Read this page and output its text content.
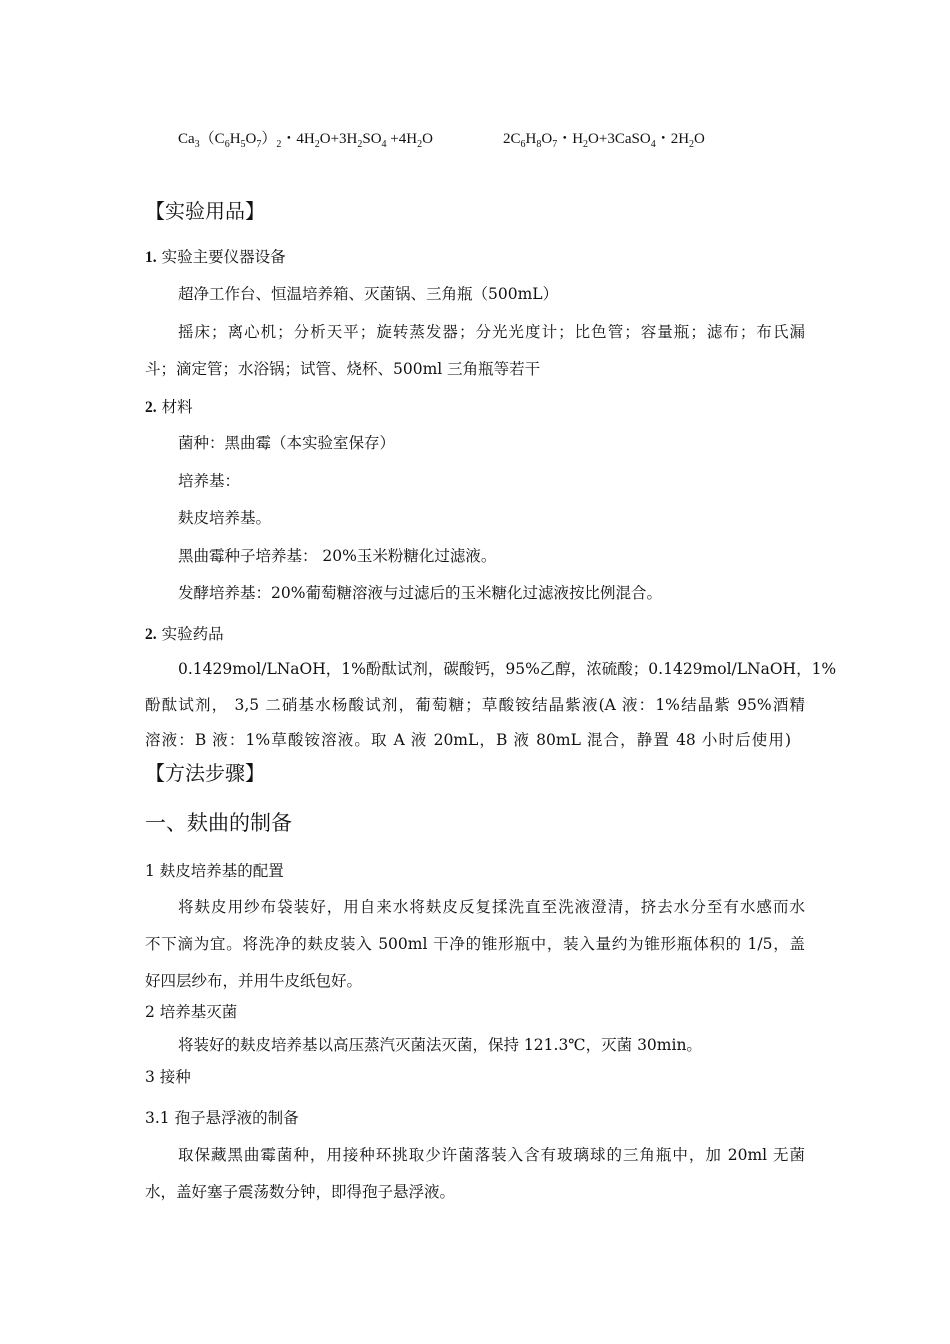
$Ca_3(C_6H_5O_7)_2$・$4H_2O+3H_2SO_4 +4H_2O$	$2C_6H_8O_7$・$H_2O+3CaSO_4$・$2H_2O$
【实验用品】
1. 实验主要仪器设备
超净工作台、恒温培养箱、灭菌锅、三角瓶（500mL）
摇床；离心机；分析天平；旋转蒸发器；分光光度计；比色管；容量瓶；滤布；布氏漏
斗；滴定管；水浴锅；试管、烧杯、500ml 三角瓶等若干
2. 材料
菌种：黑曲霉（本实验室保存）
培养基：
麸皮培养基。
黑曲霉种子培养基： 20%玉米粉糖化过滤液。
发酵培养基：20%葡萄糖溶液与过滤后的玉米糖化过滤液按比例混合。
2. 实验药品
0.1429mol/LNaOH，1%酚酞试剂，碳酸钙，95%乙醇，浓硫酸；0.1429mol/LNaOH，1%
酚酞试剂， 3,5 二硝基水杨酸试剂，葡萄糖；草酸铵结晶紫液(A 液：1%结晶紫 95%酒精
溶液：B 液：1%草酸铵溶液。取 A 液 20mL，B 液 80mL 混合，静置 48 小时后使用)
【方法步骤】
一、麸曲的制备
1 麸皮培养基的配置
将麸皮用纱布袋装好，用自来水将麸皮反复揉洗直至洗液澄清，挤去水分至有水感而水
不下滴为宜。将洗净的麸皮装入 500ml 干净的锥形瓶中，装入量约为锥形瓶体积的 1/5，盖
好四层纱布，并用牛皮纸包好。
2 培养基灭菌
将装好的麸皮培养基以高压蒸汽灭菌法灭菌，保持 121.3℃，灭菌 30min。
3 接种
3.1 孢子悬浮液的制备
取保藏黑曲霉菌种，用接种环挑取少许菌落装入含有玻璃球的三角瓶中，加 20ml 无菌
水，盖好塞子震荡数分钟，即得孢子悬浮液。
